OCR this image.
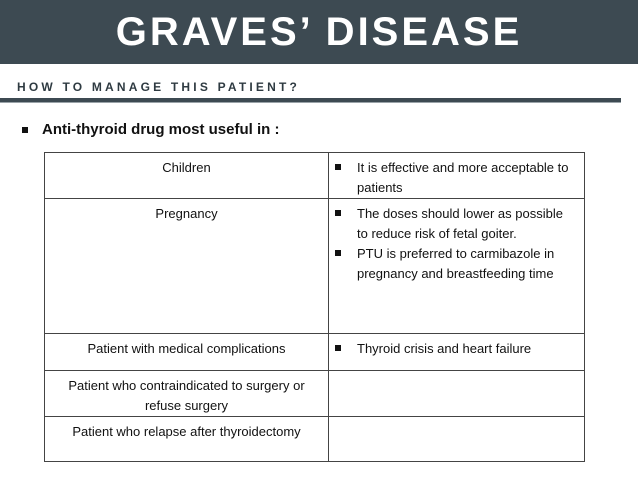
GRAVES’ DISEASE
HOW TO MANAGE THIS PATIENT?
Anti-thyroid drug most useful in :
Children	It is effective and more acceptable to patients

Pregnancy	The doses should lower as possible to reduce risk of fetal goiter.
PTU is preferred to carmibazole in pregnancy and breastfeeding time

Patient with medical complications	Thyroid crisis and heart failure

Patient who contraindicated to surgery or refuse surgery	
Patient who relapse after thyroidectomy	
